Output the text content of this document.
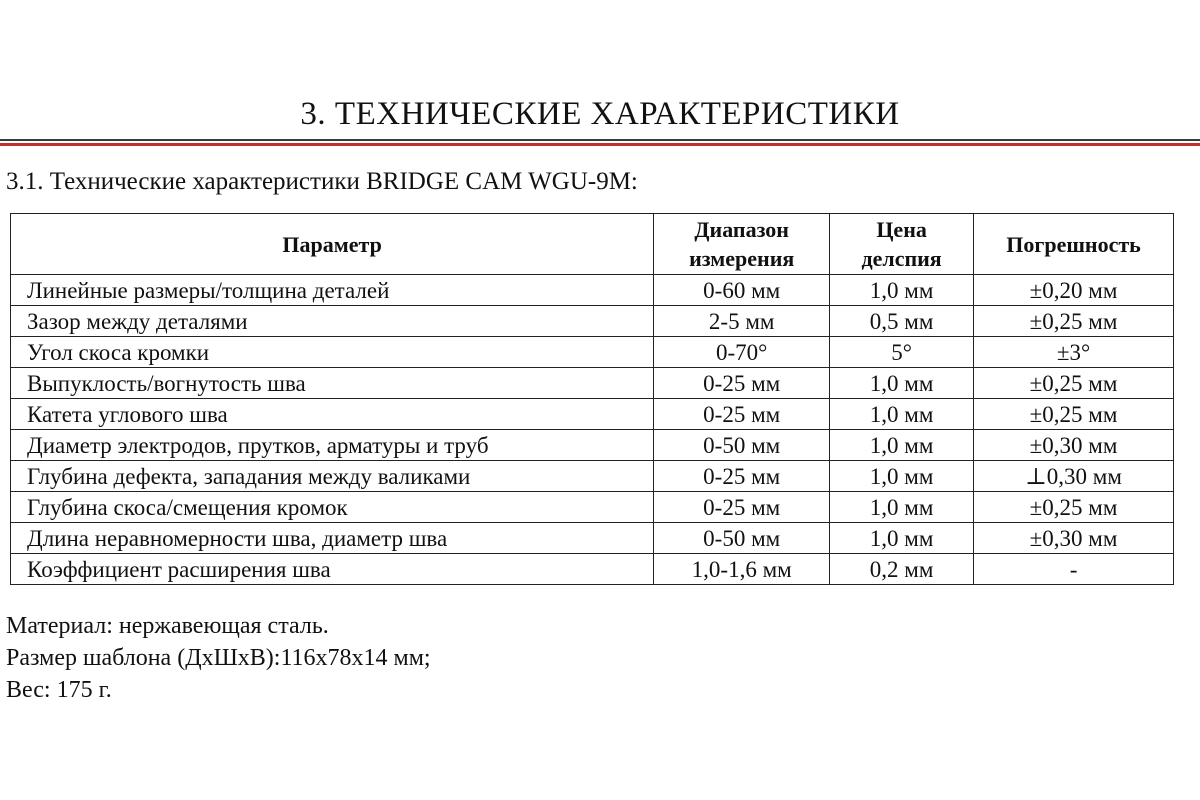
3. ТЕХНИЧЕСКИЕ ХАРАКТЕРИСТИКИ
3.1. Технические характеристики BRIDGE CAM WGU-9M:
Параметр	Диапазон измерения	Цена делспия	Погрешность
Линейные размеры/толщина деталей	0-60 мм	1,0 мм	±0,20 мм
Зазор между деталями	2-5 мм	0,5 мм	±0,25 мм
Угол скоса кромки	0-70°	5°	±3°
Выпуклость/вогнутость шва	0-25 мм	1,0 мм	±0,25 мм
Катета углового шва	0-25 мм	1,0 мм	±0,25 мм
Диаметр электродов, прутков, арматуры и труб	0-50 мм	1,0 мм	±0,30 мм
Глубина дефекта, западания между валиками	0-25 мм	1,0 мм	⊥0,30 мм
Глубина скоса/смещения кромок	0-25 мм	1,0 мм	±0,25 мм
Длина неравномерности шва, диаметр шва	0-50 мм	1,0 мм	±0,30 мм
Коэффициент расширения шва	1,0-1,6 мм	0,2 мм	-
Материал: нержавеющая сталь.
Размер шаблона (ДхШхВ):116х78х14 мм;
Вес: 175 г.
